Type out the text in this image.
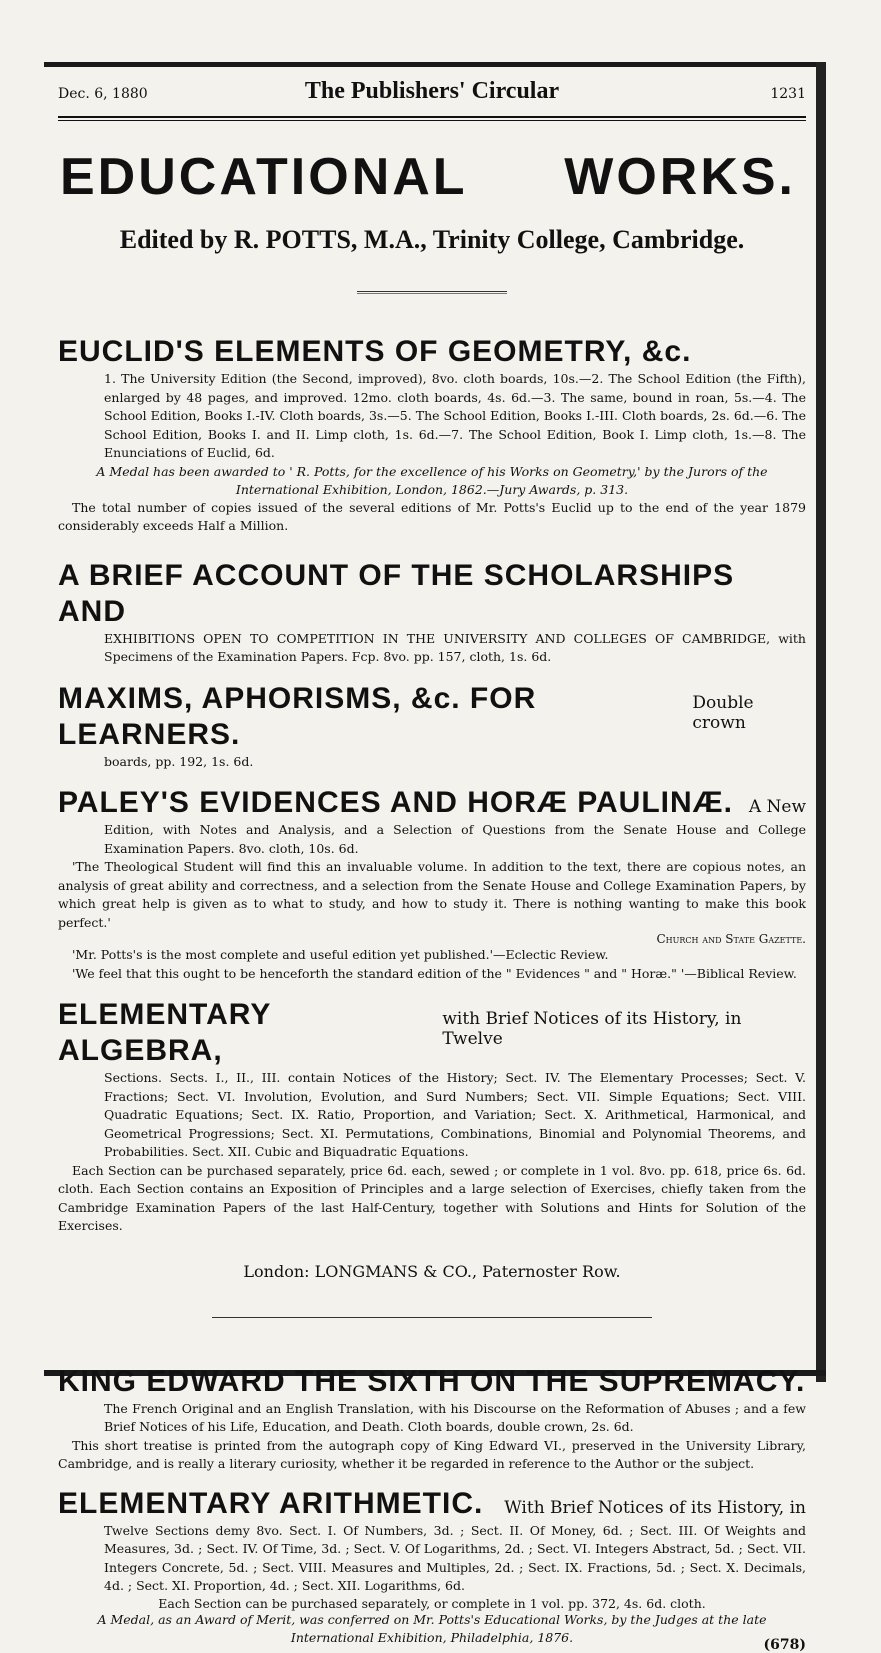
Dec. 6, 1880	The Publishers' Circular	1231
EDUCATIONAL WORKS.
Edited by R. POTTS, M.A., Trinity College, Cambridge.
EUCLID'S ELEMENTS OF GEOMETRY, &c.
1. The University Edition (the Second, improved), 8vo. cloth boards, 10s.—2. The School Edition (the Fifth), enlarged by 48 pages, and improved. 12mo. cloth boards, 4s. 6d.—3. The same, bound in roan, 5s.—4. The School Edition, Books I.-IV. Cloth boards, 3s.—5. The School Edition, Books I.-III. Cloth boards, 2s. 6d.—6. The School Edition, Books I. and II. Limp cloth, 1s. 6d.—7. The School Edition, Book I. Limp cloth, 1s.—8. The Enunciations of Euclid, 6d.
A Medal has been awarded to ' R. Potts, for the excellence of his Works on Geometry,' by the Jurors of the International Exhibition, London, 1862.—Jury Awards, p. 313.
The total number of copies issued of the several editions of Mr. Potts's Euclid up to the end of the year 1879 considerably exceeds Half a Million.
A BRIEF ACCOUNT OF THE SCHOLARSHIPS AND
EXHIBITIONS OPEN TO COMPETITION IN THE UNIVERSITY AND COLLEGES OF CAMBRIDGE, with Specimens of the Examination Papers. Fcp. 8vo. pp. 157, cloth, 1s. 6d.
MAXIMS, APHORISMS, &c. FOR LEARNERS.
Double crown
boards, pp. 192, 1s. 6d.
PALEY'S EVIDENCES AND HORÆ PAULINÆ. A New
Edition, with Notes and Analysis, and a Selection of Questions from the Senate House and College Examination Papers. 8vo. cloth, 10s. 6d.
'The Theological Student will find this an invaluable volume. In addition to the text, there are copious notes, an analysis of great ability and correctness, and a selection from the Senate House and College Examination Papers, by which great help is given as to what to study, and how to study it. There is nothing wanting to make this book perfect.'
Church and State Gazette.
'Mr. Potts's is the most complete and useful edition yet published.'—Eclectic Review.
'We feel that this ought to be henceforth the standard edition of the " Evidences " and " Horæ." '—Biblical Review.
ELEMENTARY ALGEBRA,
with Brief Notices of its History, in Twelve
Sections. Sects. I., II., III. contain Notices of the History; Sect. IV. The Elementary Processes; Sect. V. Fractions; Sect. VI. Involution, Evolution, and Surd Numbers; Sect. VII. Simple Equations; Sect. VIII. Quadratic Equations; Sect. IX. Ratio, Proportion, and Variation; Sect. X. Arithmetical, Harmonical, and Geometrical Progressions; Sect. XI. Permutations, Combinations, Binomial and Polynomial Theorems, and Probabilities. Sect. XII. Cubic and Biquadratic Equations.
Each Section can be purchased separately, price 6d. each, sewed ; or complete in 1 vol. 8vo. pp. 618, price 6s. 6d. cloth. Each Section contains an Exposition of Principles and a large selection of Exercises, chiefly taken from the Cambridge Examination Papers of the last Half-Century, together with Solutions and Hints for Solution of the Exercises.
London: LONGMANS & CO., Paternoster Row.
KING EDWARD THE SIXTH ON THE SUPREMACY.
The French Original and an English Translation, with his Discourse on the Reformation of Abuses ; and a few Brief Notices of his Life, Education, and Death. Cloth boards, double crown, 2s. 6d.
This short treatise is printed from the autograph copy of King Edward VI., preserved in the University Library, Cambridge, and is really a literary curiosity, whether it be regarded in reference to the Author or the subject.
ELEMENTARY ARITHMETIC. With Brief Notices of its History, in
Twelve Sections demy 8vo. Sect. I. Of Numbers, 3d. ; Sect. II. Of Money, 6d. ; Sect. III. Of Weights and Measures, 3d. ; Sect. IV. Of Time, 3d. ; Sect. V. Of Logarithms, 2d. ; Sect. VI. Integers Abstract, 5d. ; Sect. VII. Integers Concrete, 5d. ; Sect. VIII. Measures and Multiples, 2d. ; Sect. IX. Fractions, 5d. ; Sect. X. Decimals, 4d. ; Sect. XI. Proportion, 4d. ; Sect. XII. Logarithms, 6d.
Each Section can be purchased separately, or complete in 1 vol. pp. 372, 4s. 6d. cloth.
A Medal, as an Award of Merit, was conferred on Mr. Potts's Educational Works, by the Judges at the late International Exhibition, Philadelphia, 1876.	(678)
